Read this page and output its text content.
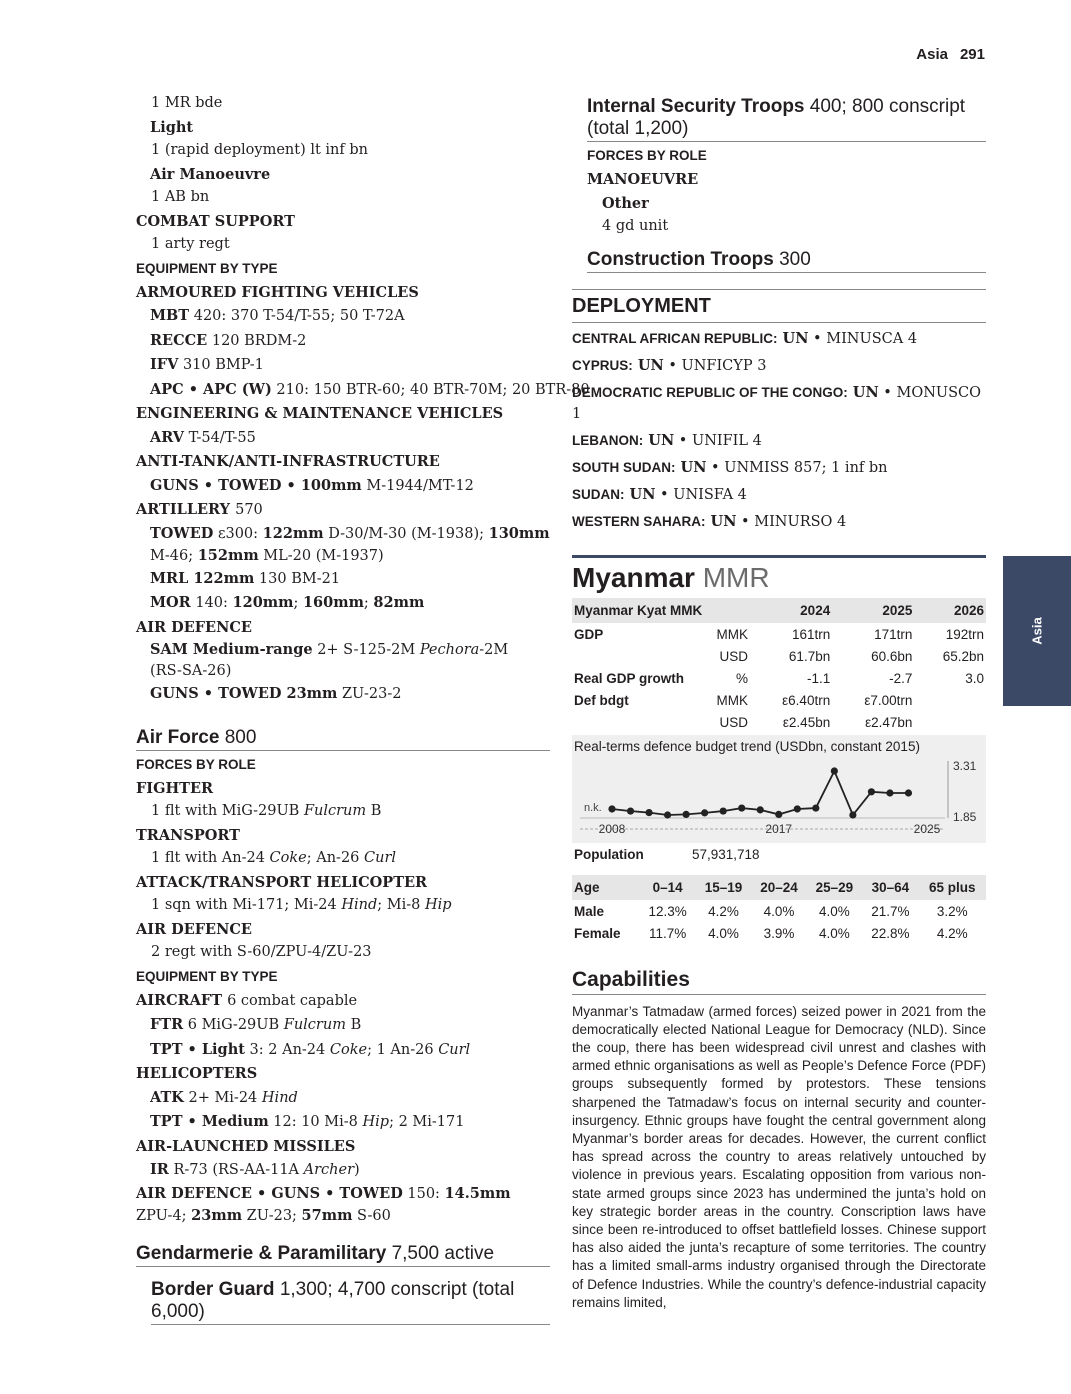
Asia 291
Asia
1 MR bde
Light
1 (rapid deployment) lt inf bn
Air Manoeuvre
1 AB bn
COMBAT SUPPORT
1 arty regt
EQUIPMENT BY TYPE
ARMOURED FIGHTING VEHICLES
MBT 420: 370 T-54/T-55; 50 T-72A
RECCE 120 BRDM-2
IFV 310 BMP-1
APC • APC (W) 210: 150 BTR-60; 40 BTR-70M; 20 BTR-80
ENGINEERING & MAINTENANCE VEHICLES
ARV T-54/T-55
ANTI-TANK/ANTI-INFRASTRUCTURE
GUNS • TOWED • 100mm M-1944/MT-12
ARTILLERY 570
TOWED ε300: 122mm D-30/M-30 (M-1938); 130mm M-46; 152mm ML-20 (M-1937)
MRL 122mm 130 BM-21
MOR 140: 120mm; 160mm; 82mm
AIR DEFENCE
SAM Medium-range 2+ S-125-2M Pechora-2M (RS-SA-26)
GUNS • TOWED 23mm ZU-23-2
Air Force 800
FORCES BY ROLE
FIGHTER
1 flt with MiG-29UB Fulcrum B
TRANSPORT
1 flt with An-24 Coke; An-26 Curl
ATTACK/TRANSPORT HELICOPTER
1 sqn with Mi-171; Mi-24 Hind; Mi-8 Hip
AIR DEFENCE
2 regt with S-60/ZPU-4/ZU-23
EQUIPMENT BY TYPE
AIRCRAFT 6 combat capable
FTR 6 MiG-29UB Fulcrum B
TPT • Light 3: 2 An-24 Coke; 1 An-26 Curl
HELICOPTERS
ATK 2+ Mi-24 Hind
TPT • Medium 12: 10 Mi-8 Hip; 2 Mi-171
AIR-LAUNCHED MISSILES
IR R-73 (RS-AA-11A Archer)
AIR DEFENCE • GUNS • TOWED 150: 14.5mm ZPU-4; 23mm ZU-23; 57mm S-60
Gendarmerie & Paramilitary 7,500 active
Border Guard 1,300; 4,700 conscript (total 6,000)
Internal Security Troops 400; 800 conscript (total 1,200)
FORCES BY ROLE
MANOEUVRE
Other
4 gd unit
Construction Troops 300
DEPLOYMENT
CENTRAL AFRICAN REPUBLIC: UN • MINUSCA 4
CYPRUS: UN • UNFICYP 3
DEMOCRATIC REPUBLIC OF THE CONGO: UN • MONUSCO 1
LEBANON: UN • UNIFIL 4
SOUTH SUDAN: UN • UNMISS 857; 1 inf bn
SUDAN: UN • UNISFA 4
WESTERN SAHARA: UN • MINURSO 4
Myanmar MMR
Myanmar Kyat MMK		2024	2025	2026
GDP	MMK	161trn	171trn	192trn
	USD	61.7bn	60.6bn	65.2bn
Real GDP growth	%	-1.1	-2.7	3.0
Def bdgt	MMK	ε6.40trn	ε7.00trn	
	USD	ε2.45bn	ε2.47bn	
Real-terms defence budget trend (USDbn, constant 2015)
2008	2017	2025
3.31
1.85
n.k.
Population	57,931,718
Age	0–14	15–19	20–24	25–29	30–64	65 plus
Male	12.3%	4.2%	4.0%	4.0%	21.7%	3.2%
Female	11.7%	4.0%	3.9%	4.0%	22.8%	4.2%
Capabilities
Myanmar’s Tatmadaw (armed forces) seized power in 2021 from the democratically elected National League for Democracy (NLD). Since the coup, there has been widespread civil unrest and clashes with armed ethnic organisations as well as People’s Defence Force (PDF) groups subsequently formed by protestors. These tensions sharpened the Tatmadaw’s focus on internal security and counter-insurgency. Ethnic groups have fought the central government along Myanmar’s border areas for decades. However, the current conflict has spread across the country to areas relatively untouched by violence in previous years. Escalating opposition from various non-state armed groups since 2023 has undermined the junta’s hold on key strategic border areas in the country. Conscription laws have since been re-introduced to offset battlefield losses. Chinese support has also aided the junta’s recapture of some territories. The country has a limited small-arms industry organised through the Directorate of Defence Industries. While the country’s defence-industrial capacity remains limited,
